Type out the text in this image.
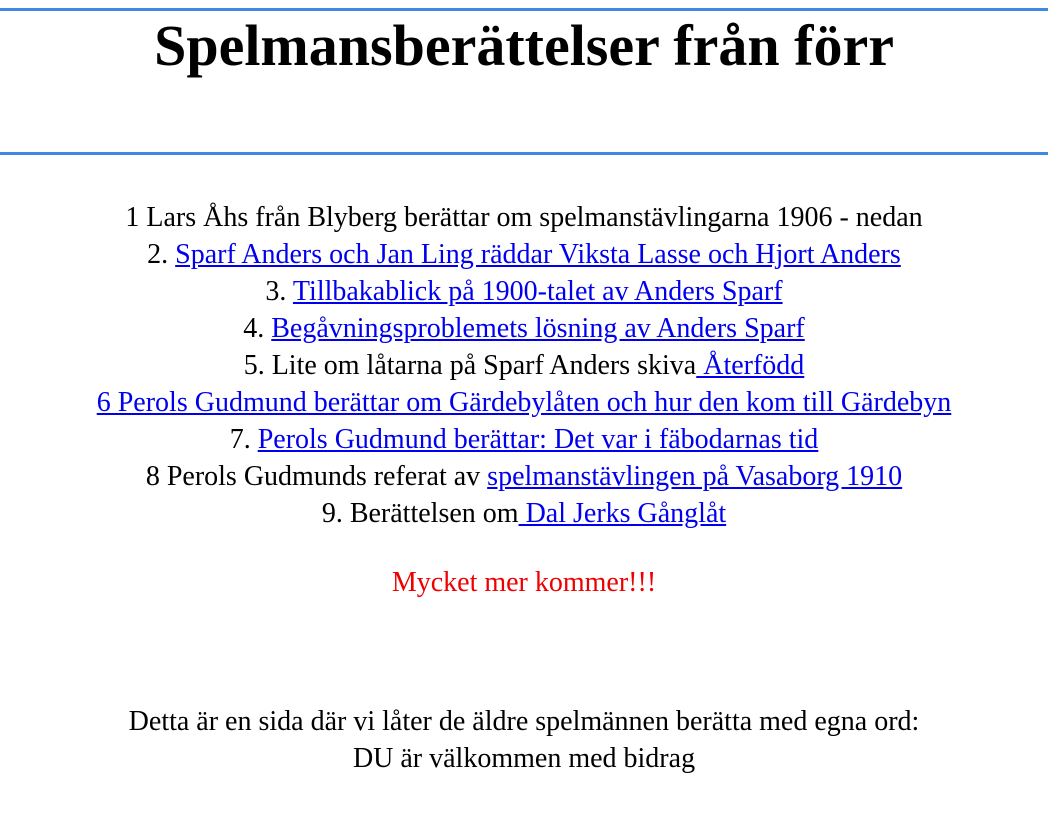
Spelmansberättelser från förr
1 Lars Åhs från Blyberg berättar om spelmanstävlingarna 1906 - nedan
2. Sparf Anders och Jan Ling räddar Viksta Lasse och Hjort Anders
3. Tillbakablick på 1900-talet av Anders Sparf
4. Begåvningsproblemets lösning av Anders Sparf
5. Lite om låtarna på Sparf Anders skiva Återfödd
6 Perols Gudmund berättar om Gärdebylåten och hur den kom till Gärdebyn
7. Perols Gudmund berättar: Det var i fäbodarnas tid
8 Perols Gudmunds referat av spelmanstävlingen på Vasaborg 1910
9. Berättelsen om Dal Jerks Gånglåt
Mycket mer kommer!!!
Detta är en sida där vi låter de äldre spelmännen berätta med egna ord:
DU är välkommen med bidrag
